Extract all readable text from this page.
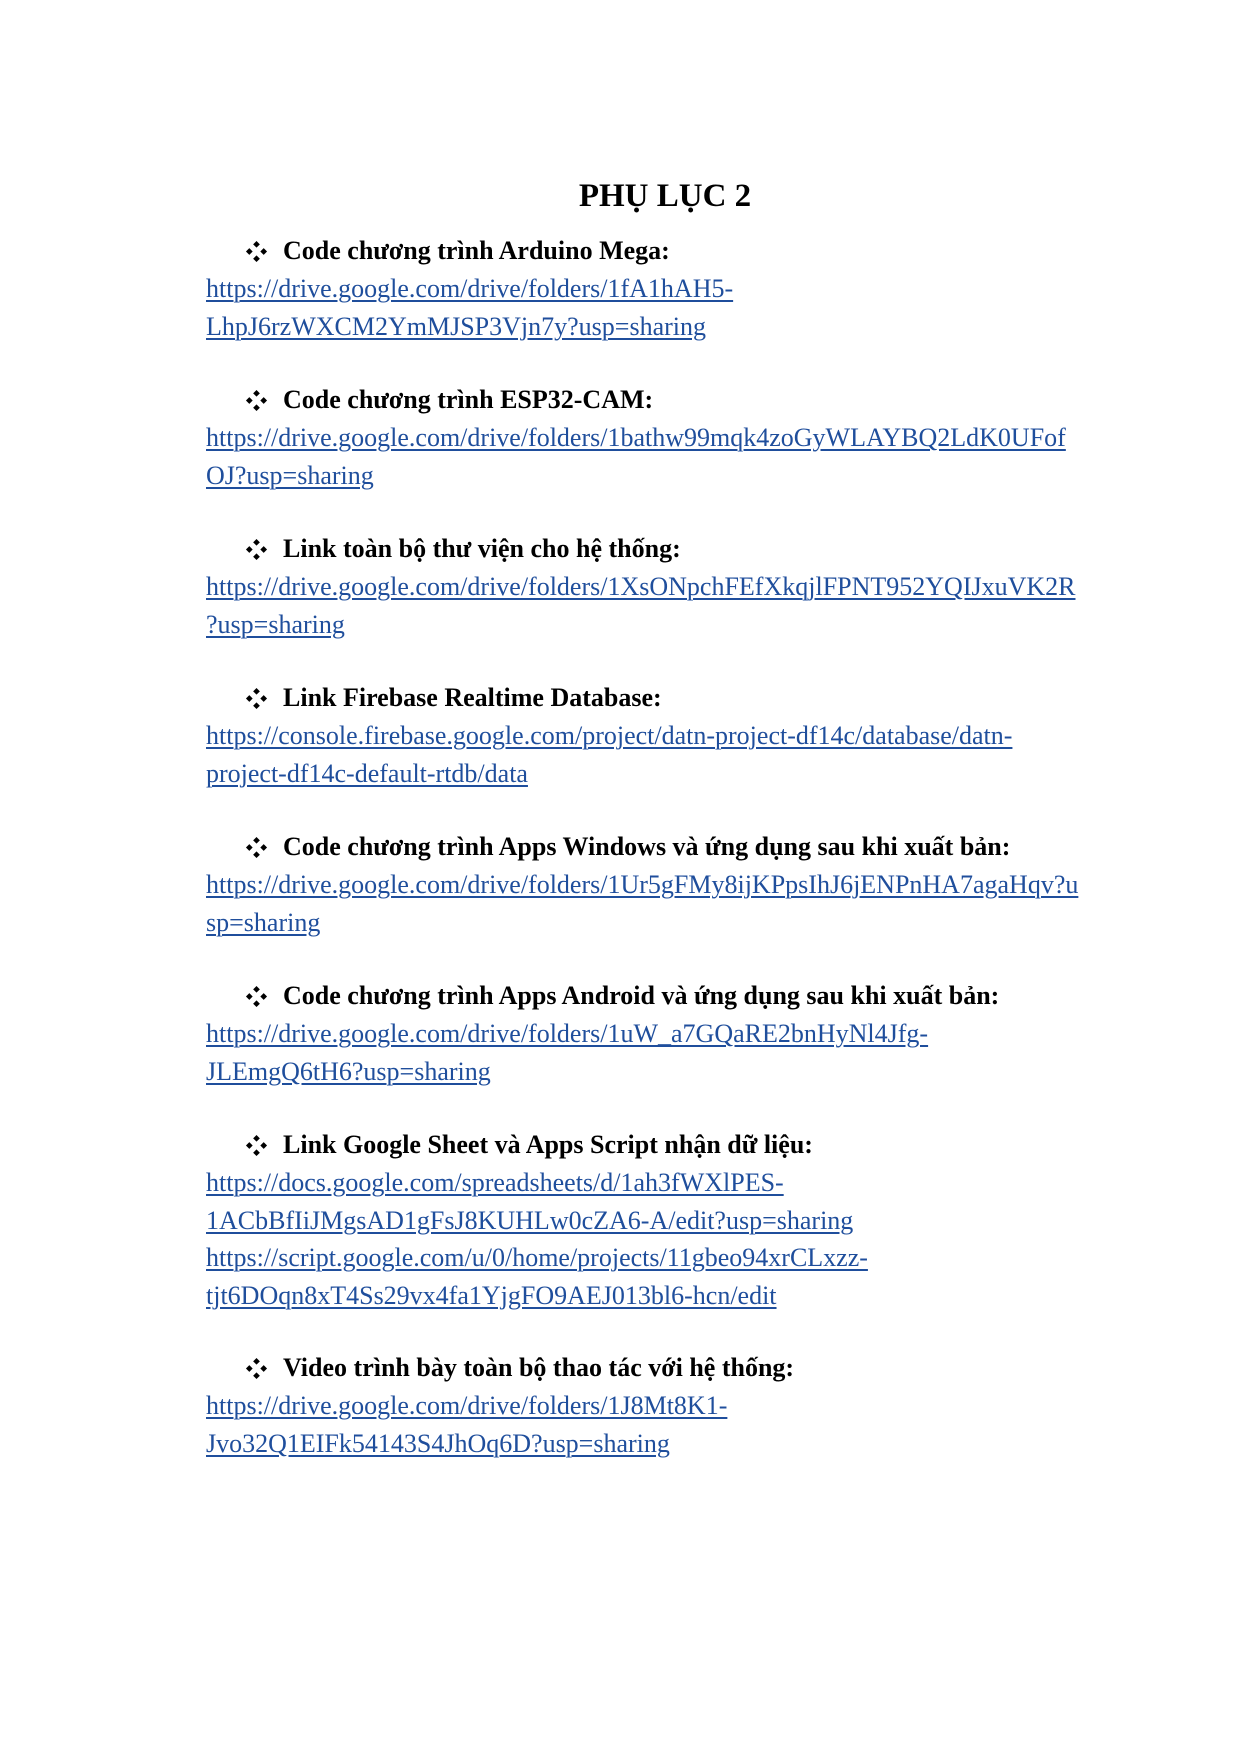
PHỤ LỤC 2
Code chương trình Arduino Mega:
https://drive.google.com/drive/folders/1fA1hAH5-
LhpJ6rzWXCM2YmMJSP3Vjn7y?usp=sharing
Code chương trình ESP32-CAM:
https://drive.google.com/drive/folders/1bathw99mqk4zoGyWLAYBQ2LdK0UFof
OJ?usp=sharing
Link toàn bộ thư viện cho hệ thống:
https://drive.google.com/drive/folders/1XsONpchFEfXkqjlFPNT952YQIJxuVK2R
?usp=sharing
Link Firebase Realtime Database:
https://console.firebase.google.com/project/datn-project-df14c/database/datn-
project-df14c-default-rtdb/data
Code chương trình Apps Windows và ứng dụng sau khi xuất bản:
https://drive.google.com/drive/folders/1Ur5gFMy8ijKPpsIhJ6jENPnHA7agaHqv?u
sp=sharing
Code chương trình Apps Android và ứng dụng sau khi xuất bản:
https://drive.google.com/drive/folders/1uW_a7GQaRE2bnHyNl4Jfg-
JLEmgQ6tH6?usp=sharing
Link Google Sheet và Apps Script nhận dữ liệu:
https://docs.google.com/spreadsheets/d/1ah3fWXlPES-
1ACbBfIiJMgsAD1gFsJ8KUHLw0cZA6-A/edit?usp=sharing
https://script.google.com/u/0/home/projects/11gbeo94xrCLxzz-
tjt6DOqn8xT4Ss29vx4fa1YjgFO9AEJ013bl6-hcn/edit
Video trình bày toàn bộ thao tác với hệ thống:
https://drive.google.com/drive/folders/1J8Mt8K1-
Jvo32Q1EIFk54143S4JhOq6D?usp=sharing
